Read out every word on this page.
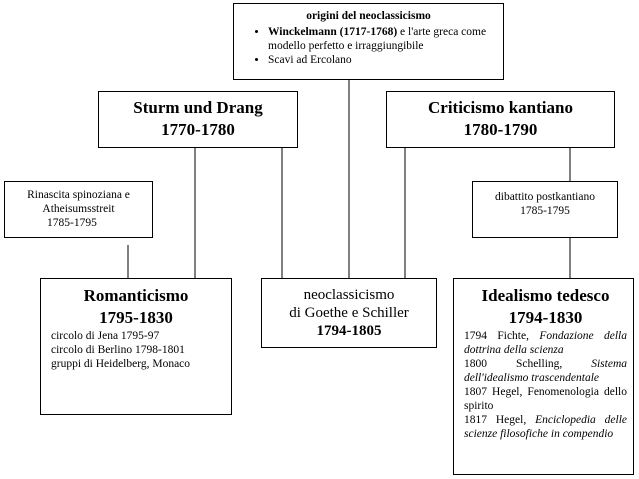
origini del neoclassicismo
• Winckelmann (1717-1768) e l'arte greca come modello perfetto e irraggiungibile
• Scavi ad Ercolano
Sturm und Drang
1770-1780
Criticismo kantiano
1780-1790
Rinascita spinoziana e
Atheisumsstreit
1785-1795
dibattito postkantiano
1785-1795
Romanticismo
1795-1830
circolo di Jena 1795-97
circolo di Berlino 1798-1801
gruppi di Heidelberg, Monaco
neoclassicismo
di Goethe e Schiller
1794-1805
Idealismo tedesco
1794-1830
1794 Fichte, Fondazione della dottrina della scienza
1800 Schelling, Sistema dell'idealismo trascendentale
1807 Hegel, Fenomenologia dello spirito
1817 Hegel, Enciclopedia delle scienze filosofiche in compendio
